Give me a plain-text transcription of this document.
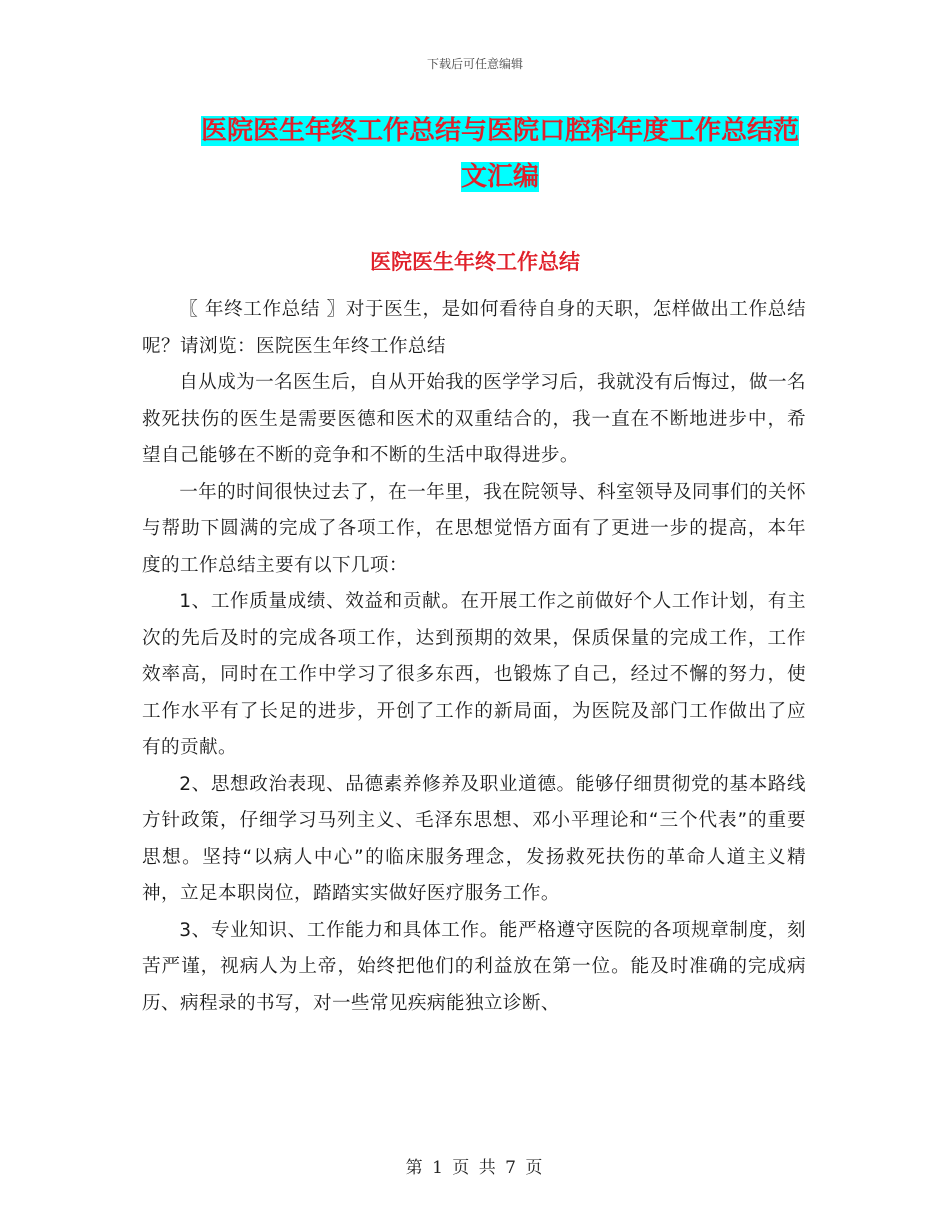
下载后可任意编辑
医院医生年终工作总结与医院口腔科年度工作总结范
文汇编
医院医生年终工作总结

〖 年终工作总结 〗对于医生，是如何看待自身的天职，怎样做出工作总结呢？请浏览：医院医生年终工作总结

自从成为一名医生后，自从开始我的医学学习后，我就没有后悔过，做一名救死扶伤的医生是需要医德和医术的双重结合的，我一直在不断地进步中，希望自己能够在不断的竞争和不断的生活中取得进步。

一年的时间很快过去了，在一年里，我在院领导、科室领导及同事们的关怀与帮助下圆满的完成了各项工作，在思想觉悟方面有了更进一步的提高，本年度的工作总结主要有以下几项：

1、工作质量成绩、效益和贡献。在开展工作之前做好个人工作计划，有主次的先后及时的完成各项工作，达到预期的效果，保质保量的完成工作，工作效率高，同时在工作中学习了很多东西，也锻炼了自己，经过不懈的努力，使工作水平有了长足的进步，开创了工作的新局面，为医院及部门工作做出了应有的贡献。

2、思想政治表现、品德素养修养及职业道德。能够仔细贯彻党的基本路线方针政策，仔细学习马列主义、毛泽东思想、邓小平理论和“三个代表”的重要思想。坚持“以病人中心”的临床服务理念，发扬救死扶伤的革命人道主义精神，立足本职岗位，踏踏实实做好医疗服务工作。

3、专业知识、工作能力和具体工作。能严格遵守医院的各项规章制度，刻苦严谨，视病人为上帝，始终把他们的利益放在第一位。能及时准确的完成病历、病程录的书写，对一些常见疾病能独立诊断、

第 1 页 共 7 页
